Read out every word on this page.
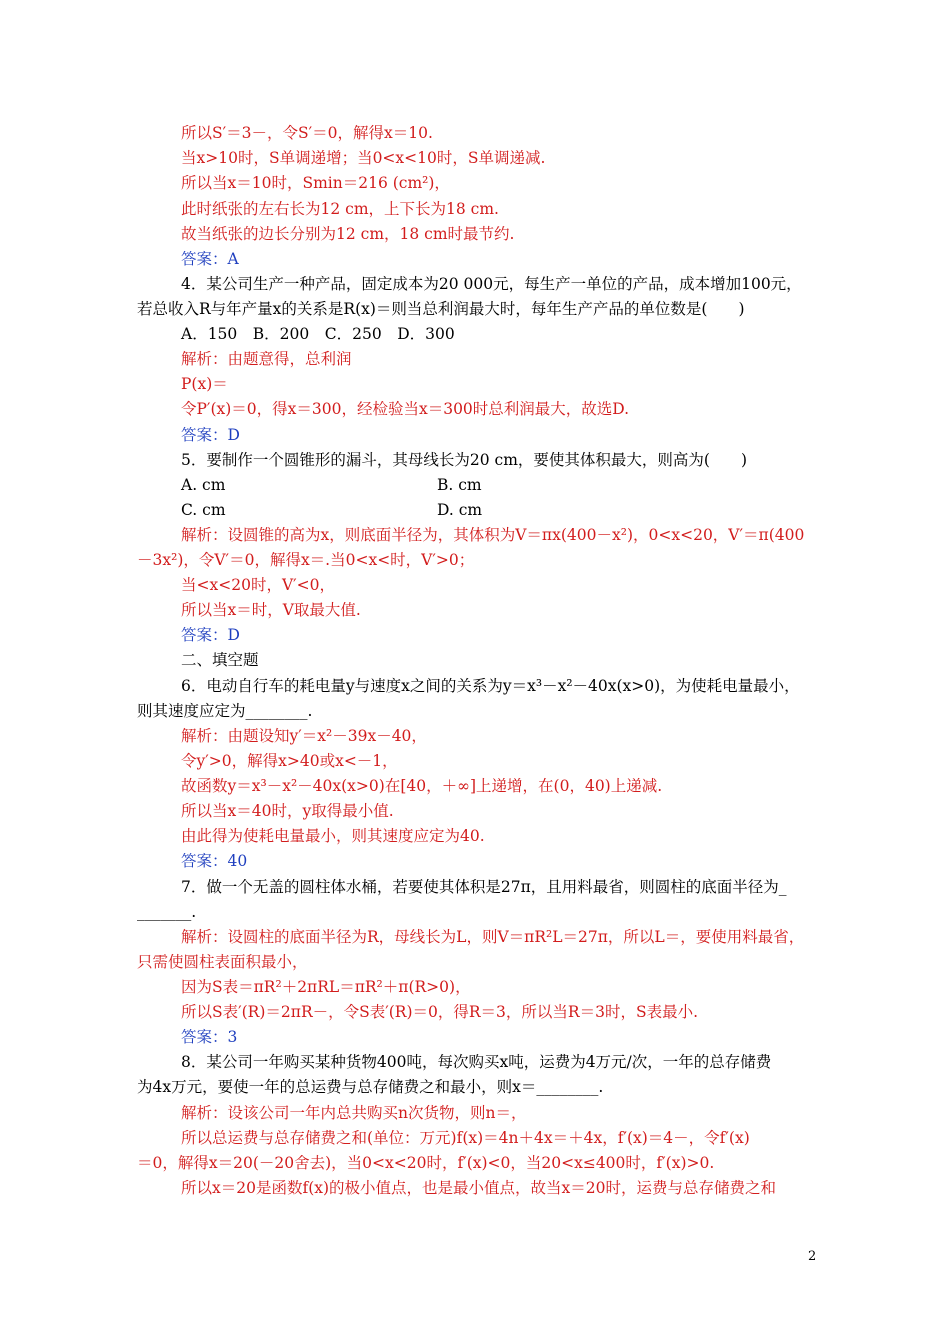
所以S′＝3－，令S′＝0，解得x＝10.
当x>10时，S单调递增；当0<x<10时，S单调递减.
所以当x＝10时，Smin＝216 (cm²)，
此时纸张的左右长为12 cm，上下长为18 cm.
故当纸张的边长分别为12 cm，18 cm时最节约.
答案：A
4．某公司生产一种产品，固定成本为20 000元，每生产一单位的产品，成本增加100元，
若总收入R与年产量x的关系是R(x)＝则当总利润最大时，每年生产产品的单位数是(　　)
A．150　B．200　C．250　D．300
解析：由题意得，总利润
P(x)＝
令P′(x)＝0，得x＝300，经检验当x＝300时总利润最大，故选D.
答案：D
5．要制作一个圆锥形的漏斗，其母线长为20 cm，要使其体积最大，则高为(　　)
A. cm	B. cm
C. cm	D. cm
解析：设圆锥的高为x，则底面半径为，其体积为V＝πx(400－x²)，0<x<20，V′＝π(400
－3x²)，令V′＝0，解得x＝.当0<x<时，V′>0；
当<x<20时，V′<0，
所以当x＝时，V取最大值.
答案：D
二、填空题
6．电动自行车的耗电量y与速度x之间的关系为y＝x³－x²－40x(x>0)，为使耗电量最小，
则其速度应定为________.
解析：由题设知y′＝x²－39x－40，
令y′>0，解得x>40或x<－1，
故函数y＝x³－x²－40x(x>0)在[40，＋∞]上递增，在(0，40)上递减.
所以当x＝40时，y取得最小值.
由此得为使耗电量最小，则其速度应定为40.
答案：40
7．做一个无盖的圆柱体水桶，若要使其体积是27π，且用料最省，则圆柱的底面半径为_
_______.
解析：设圆柱的底面半径为R，母线长为L，则V＝πR²L＝27π，所以L＝，要使用料最省，
只需使圆柱表面积最小，
因为S表＝πR²＋2πRL＝πR²＋π(R>0)，
所以S表′(R)＝2πR－，令S表′(R)＝0，得R＝3，所以当R＝3时，S表最小.
答案：3
8．某公司一年购买某种货物400吨，每次购买x吨，运费为4万元/次，一年的总存储费
为4x万元，要使一年的总运费与总存储费之和最小，则x＝________.
解析：设该公司一年内总共购买n次货物，则n＝，
所以总运费与总存储费之和(单位：万元)f(x)＝4n＋4x＝＋4x，f′(x)＝4－，令f′(x)
＝0，解得x＝20(－20舍去)，当0<x<20时，f′(x)<0，当20<x≤400时，f′(x)>0.
所以x＝20是函数f(x)的极小值点，也是最小值点，故当x＝20时，运费与总存储费之和
2
